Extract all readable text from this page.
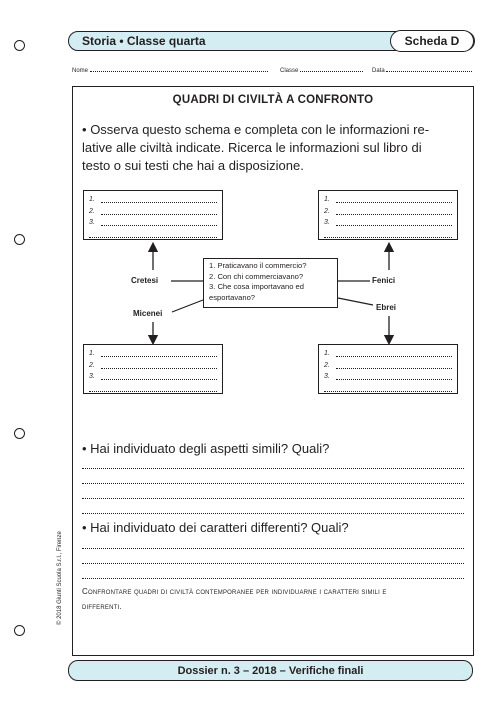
Storia • Classe quarta	Scheda D
Nome	Classe	Data
QUADRI DI CIVILTÀ A CONFRONTO
• Osserva questo schema e completa con le informazioni re-
lative alle civiltà indicate. Ricerca le informazioni sul libro di
testo o sui testi che hai a disposizione.
1.
2.
3.
1.
2.
3.
1.
2.
3.
1.
2.
3.
Cretesi	Fenici
Micenei
Ebrei
1. Praticavano il commercio?
2. Con chi commerciavano?
3. Che cosa importavano ed
esportavano?
• Hai individuato degli aspetti simili? Quali?
• Hai individuato dei caratteri differenti? Quali?
Confrontare quadri di civiltà contemporanee per individuarne i caratteri simili e
differenti.
© 2018 Giunti Scuola S.r.l., Firenze
Dossier n. 3 – 2018 – Verifiche finali
